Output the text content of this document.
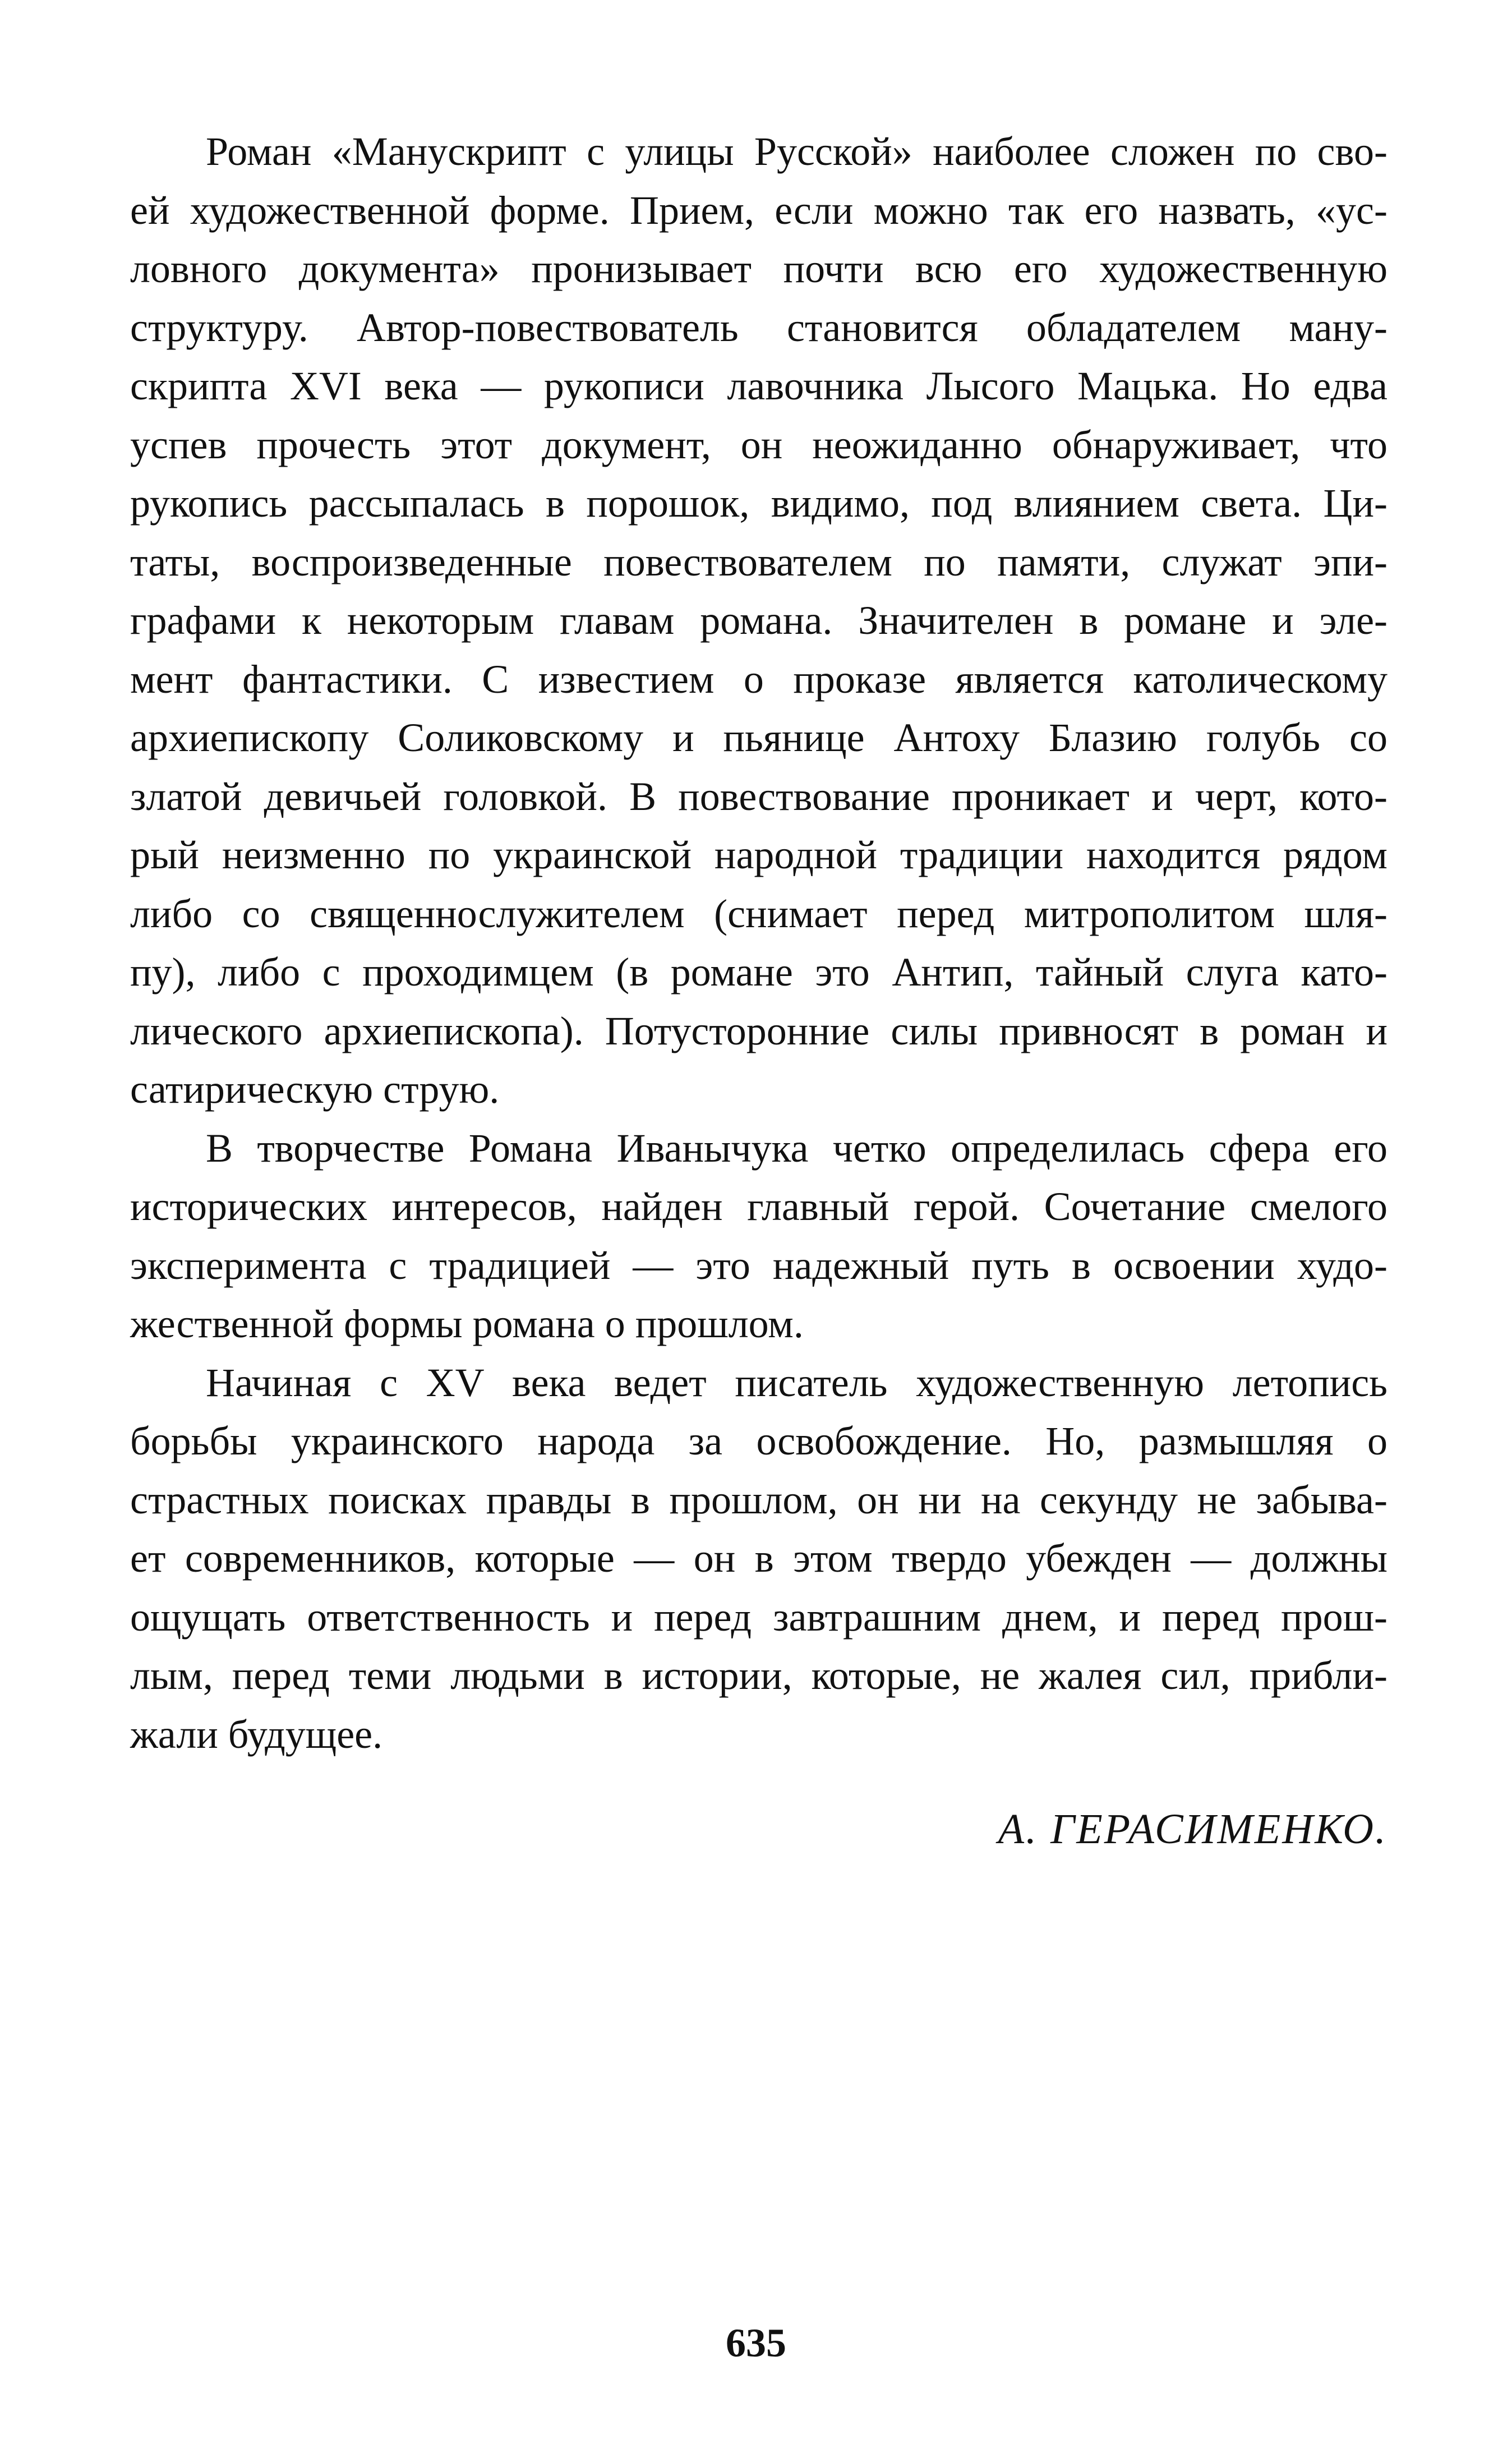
Роман «Манускрипт с улицы Русской» наиболее сложен по сво-
ей художественной форме. Прием, если можно так его назвать, «ус-
ловного документа» пронизывает почти всю его художественную
структуру. Автор-повествователь становится обладателем ману-
скрипта XVI века — рукописи лавочника Лысого Мацька. Но едва
успев прочесть этот документ, он неожиданно обнаруживает, что
рукопись рассыпалась в порошок, видимо, под влиянием света. Ци-
таты, воспроизведенные повествователем по памяти, служат эпи-
графами к некоторым главам романа. Значителен в романе и эле-
мент фантастики. С известием о проказе является католическому
архиепископу Соликовскому и пьянице Антоху Блазию голубь со
златой девичьей головкой. В повествование проникает и черт, кото-
рый неизменно по украинской народной традиции находится рядом
либо со священнослужителем (снимает перед митрополитом шля-
пу), либо с проходимцем (в романе это Антип, тайный слуга като-
лического архиепископа). Потусторонние силы привносят в роман и
сатирическую струю.
В творчестве Романа Иванычука четко определилась сфера его
исторических интересов, найден главный герой. Сочетание смелого
эксперимента с традицией — это надежный путь в освоении худо-
жественной формы романа о прошлом.
Начиная с XV века ведет писатель художественную летопись
борьбы украинского народа за освобождение. Но, размышляя о
страстных поисках правды в прошлом, он ни на секунду не забыва-
ет современников, которые — он в этом твердо убежден — должны
ощущать ответственность и перед завтрашним днем, и перед прош-
лым, перед теми людьми в истории, которые, не жалея сил, прибли-
жали будущее.
А. ГЕРАСИМЕНКО.
635
